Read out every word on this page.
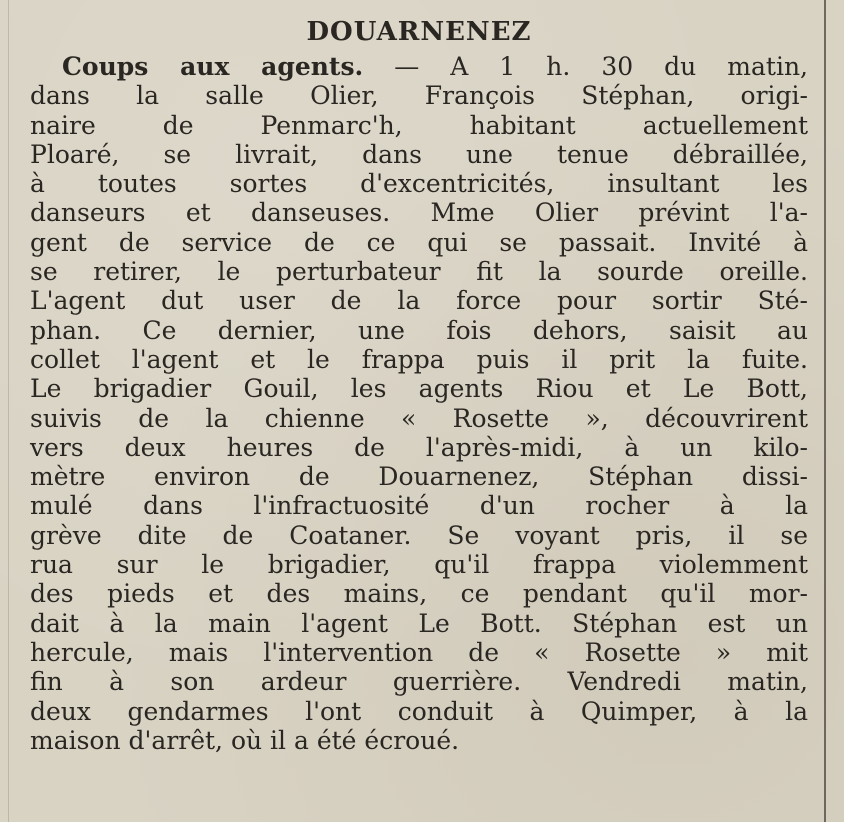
DOUARNENEZ
Coups aux agents. — A 1 h. 30 du matin,
dans la salle Olier, François Stéphan, origi-
naire de Penmarc'h, habitant actuellement
Ploaré, se livrait, dans une tenue débraillée,
à toutes sortes d'excentricités, insultant les
danseurs et danseuses. Mme Olier prévint l'a-
gent de service de ce qui se passait. Invité à
se retirer, le perturbateur fit la sourde oreille.
L'agent dut user de la force pour sortir Sté-
phan. Ce dernier, une fois dehors, saisit au
collet l'agent et le frappa puis il prit la fuite.
Le brigadier Gouil, les agents Riou et Le Bott,
suivis de la chienne « Rosette », découvrirent
vers deux heures de l'après-midi, à un kilo-
mètre environ de Douarnenez, Stéphan dissi-
mulé dans l'infractuosité d'un rocher à la
grève dite de Coataner. Se voyant pris, il se
rua sur le brigadier, qu'il frappa violemment
des pieds et des mains, ce pendant qu'il mor-
dait à la main l'agent Le Bott. Stéphan est un
hercule, mais l'intervention de « Rosette » mit
fin à son ardeur guerrière. Vendredi matin,
deux gendarmes l'ont conduit à Quimper, à la
maison d'arrêt, où il a été écroué.
